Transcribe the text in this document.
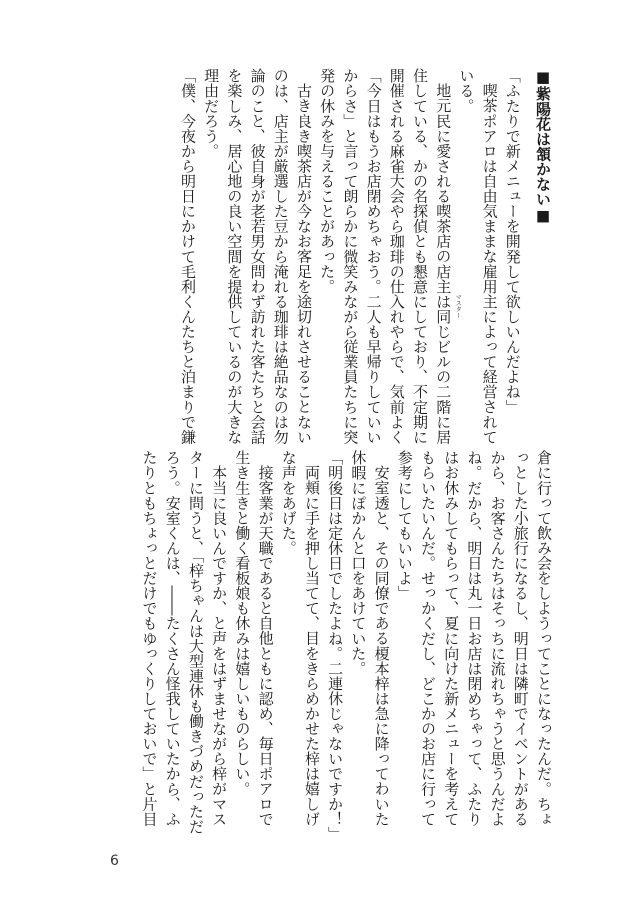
■紫陽花は頷かない■

「ふたりで新メニューを開発して欲しいんだよね」

喫茶ポアロは自由気ままな雇用主によって経営されて

いる。

地元民に愛される喫茶店の店主
マスター
は同じビルの二階に居

住している、かの名探偵とも懇意にしており、不定期に

開催される麻雀大会やら珈琲の仕入れやらで、気前よく

「今日はもうお店閉めちゃおう。二人も早帰りしていい

からさ」と言って朗らかに微笑みながら従業員たちに突

発の休みを与えることがあった。

古き良き喫茶店が今なお客足を途切れさせることない

のは、店主が厳選した豆から淹れる珈琲は絶品なのは勿

論のこと、彼自身が老若男女問わず訪れた客たちと会話

を楽しみ、居心地の良い空間を提供しているのが大きな

理由だろう。

「僕、今夜から明日にかけて毛利くんたちと泊まりで鎌

倉に行って飲み会をしようってことになったんだ。ちょ

っとした小旅行になるし、明日は隣町でイベントがある

から、お客さんたちはそっちに流れちゃうと思うんだよ

ね。だから、明日は丸一日お店は閉めちゃって、ふたり

はお休みしてもらって、夏に向けた新メニューを考えて

もらいたいんだ。せっかくだし、どこかのお店に行って

参考にしてもいいよ」

安室透と、その同僚である榎本梓は急に降ってわいた

休暇にぽかんと口をあけていた。

「明後日は定休日でしたよね。二連休じゃないですか！」

両頬に手を押し当てて、目をきらめかせた梓は嬉しげ

な声をあげた。

接客業が天職であると自他ともに認め、毎日ポアロで

生き生きと働く看板娘も休みは嬉しいものらしい。

本当に良いんですか、と声をはずませながら梓がマス

ターに問うと、「梓ちゃんは大型連休も働きづめだっただ

ろう。安室くんは、――たくさん怪我していたから、ふ

たりともちょっとだけでもゆっくりしておいで」と片目

6
